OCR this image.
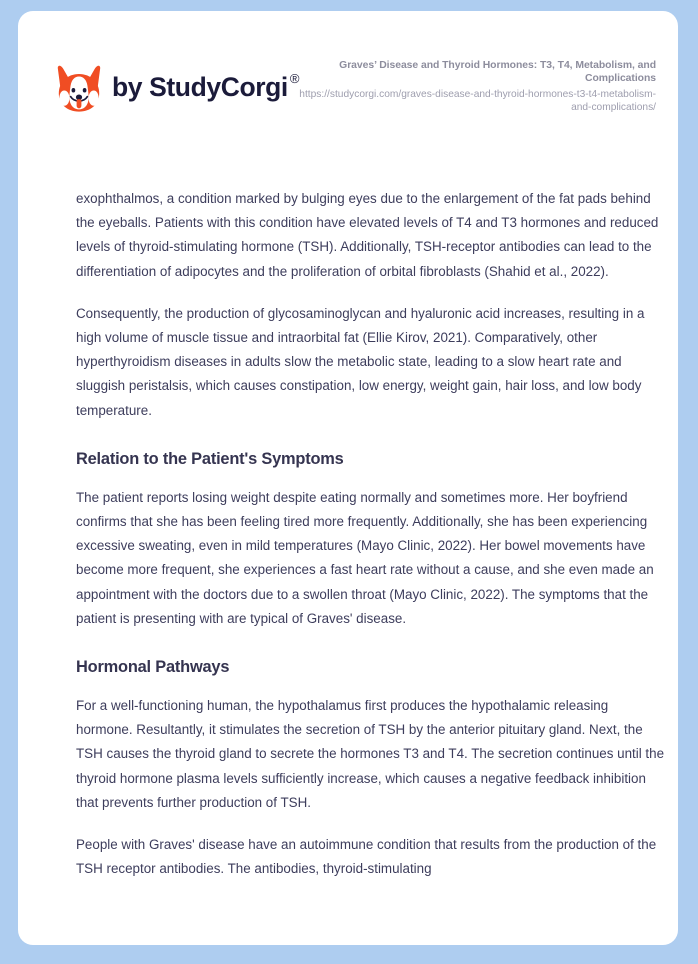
by StudyCorgi ®
Graves’ Disease and Thyroid Hormones: T3, T4, Metabolism, and Complications
https://studycorgi.com/graves-disease-and-thyroid-hormones-t3-t4-metabolism-and-complications/

exophthalmos, a condition marked by bulging eyes due to the enlargement of the fat pads behind the eyeballs. Patients with this condition have elevated levels of T4 and T3 hormones and reduced levels of thyroid-stimulating hormone (TSH). Additionally, TSH-receptor antibodies can lead to the differentiation of adipocytes and the proliferation of orbital fibroblasts (Shahid et al., 2022).

Consequently, the production of glycosaminoglycan and hyaluronic acid increases, resulting in a high volume of muscle tissue and intraorbital fat (Ellie Kirov, 2021). Comparatively, other hyperthyroidism diseases in adults slow the metabolic state, leading to a slow heart rate and sluggish peristalsis, which causes constipation, low energy, weight gain, hair loss, and low body temperature.

Relation to the Patient's Symptoms

The patient reports losing weight despite eating normally and sometimes more. Her boyfriend confirms that she has been feeling tired more frequently. Additionally, she has been experiencing excessive sweating, even in mild temperatures (Mayo Clinic, 2022). Her bowel movements have become more frequent, she experiences a fast heart rate without a cause, and she even made an appointment with the doctors due to a swollen throat (Mayo Clinic, 2022). The symptoms that the patient is presenting with are typical of Graves' disease.

Hormonal Pathways

For a well-functioning human, the hypothalamus first produces the hypothalamic releasing hormone. Resultantly, it stimulates the secretion of TSH by the anterior pituitary gland. Next, the TSH causes the thyroid gland to secrete the hormones T3 and T4. The secretion continues until the thyroid hormone plasma levels sufficiently increase, which causes a negative feedback inhibition that prevents further production of TSH.

People with Graves' disease have an autoimmune condition that results from the production of the TSH receptor antibodies. The antibodies, thyroid-stimulating
